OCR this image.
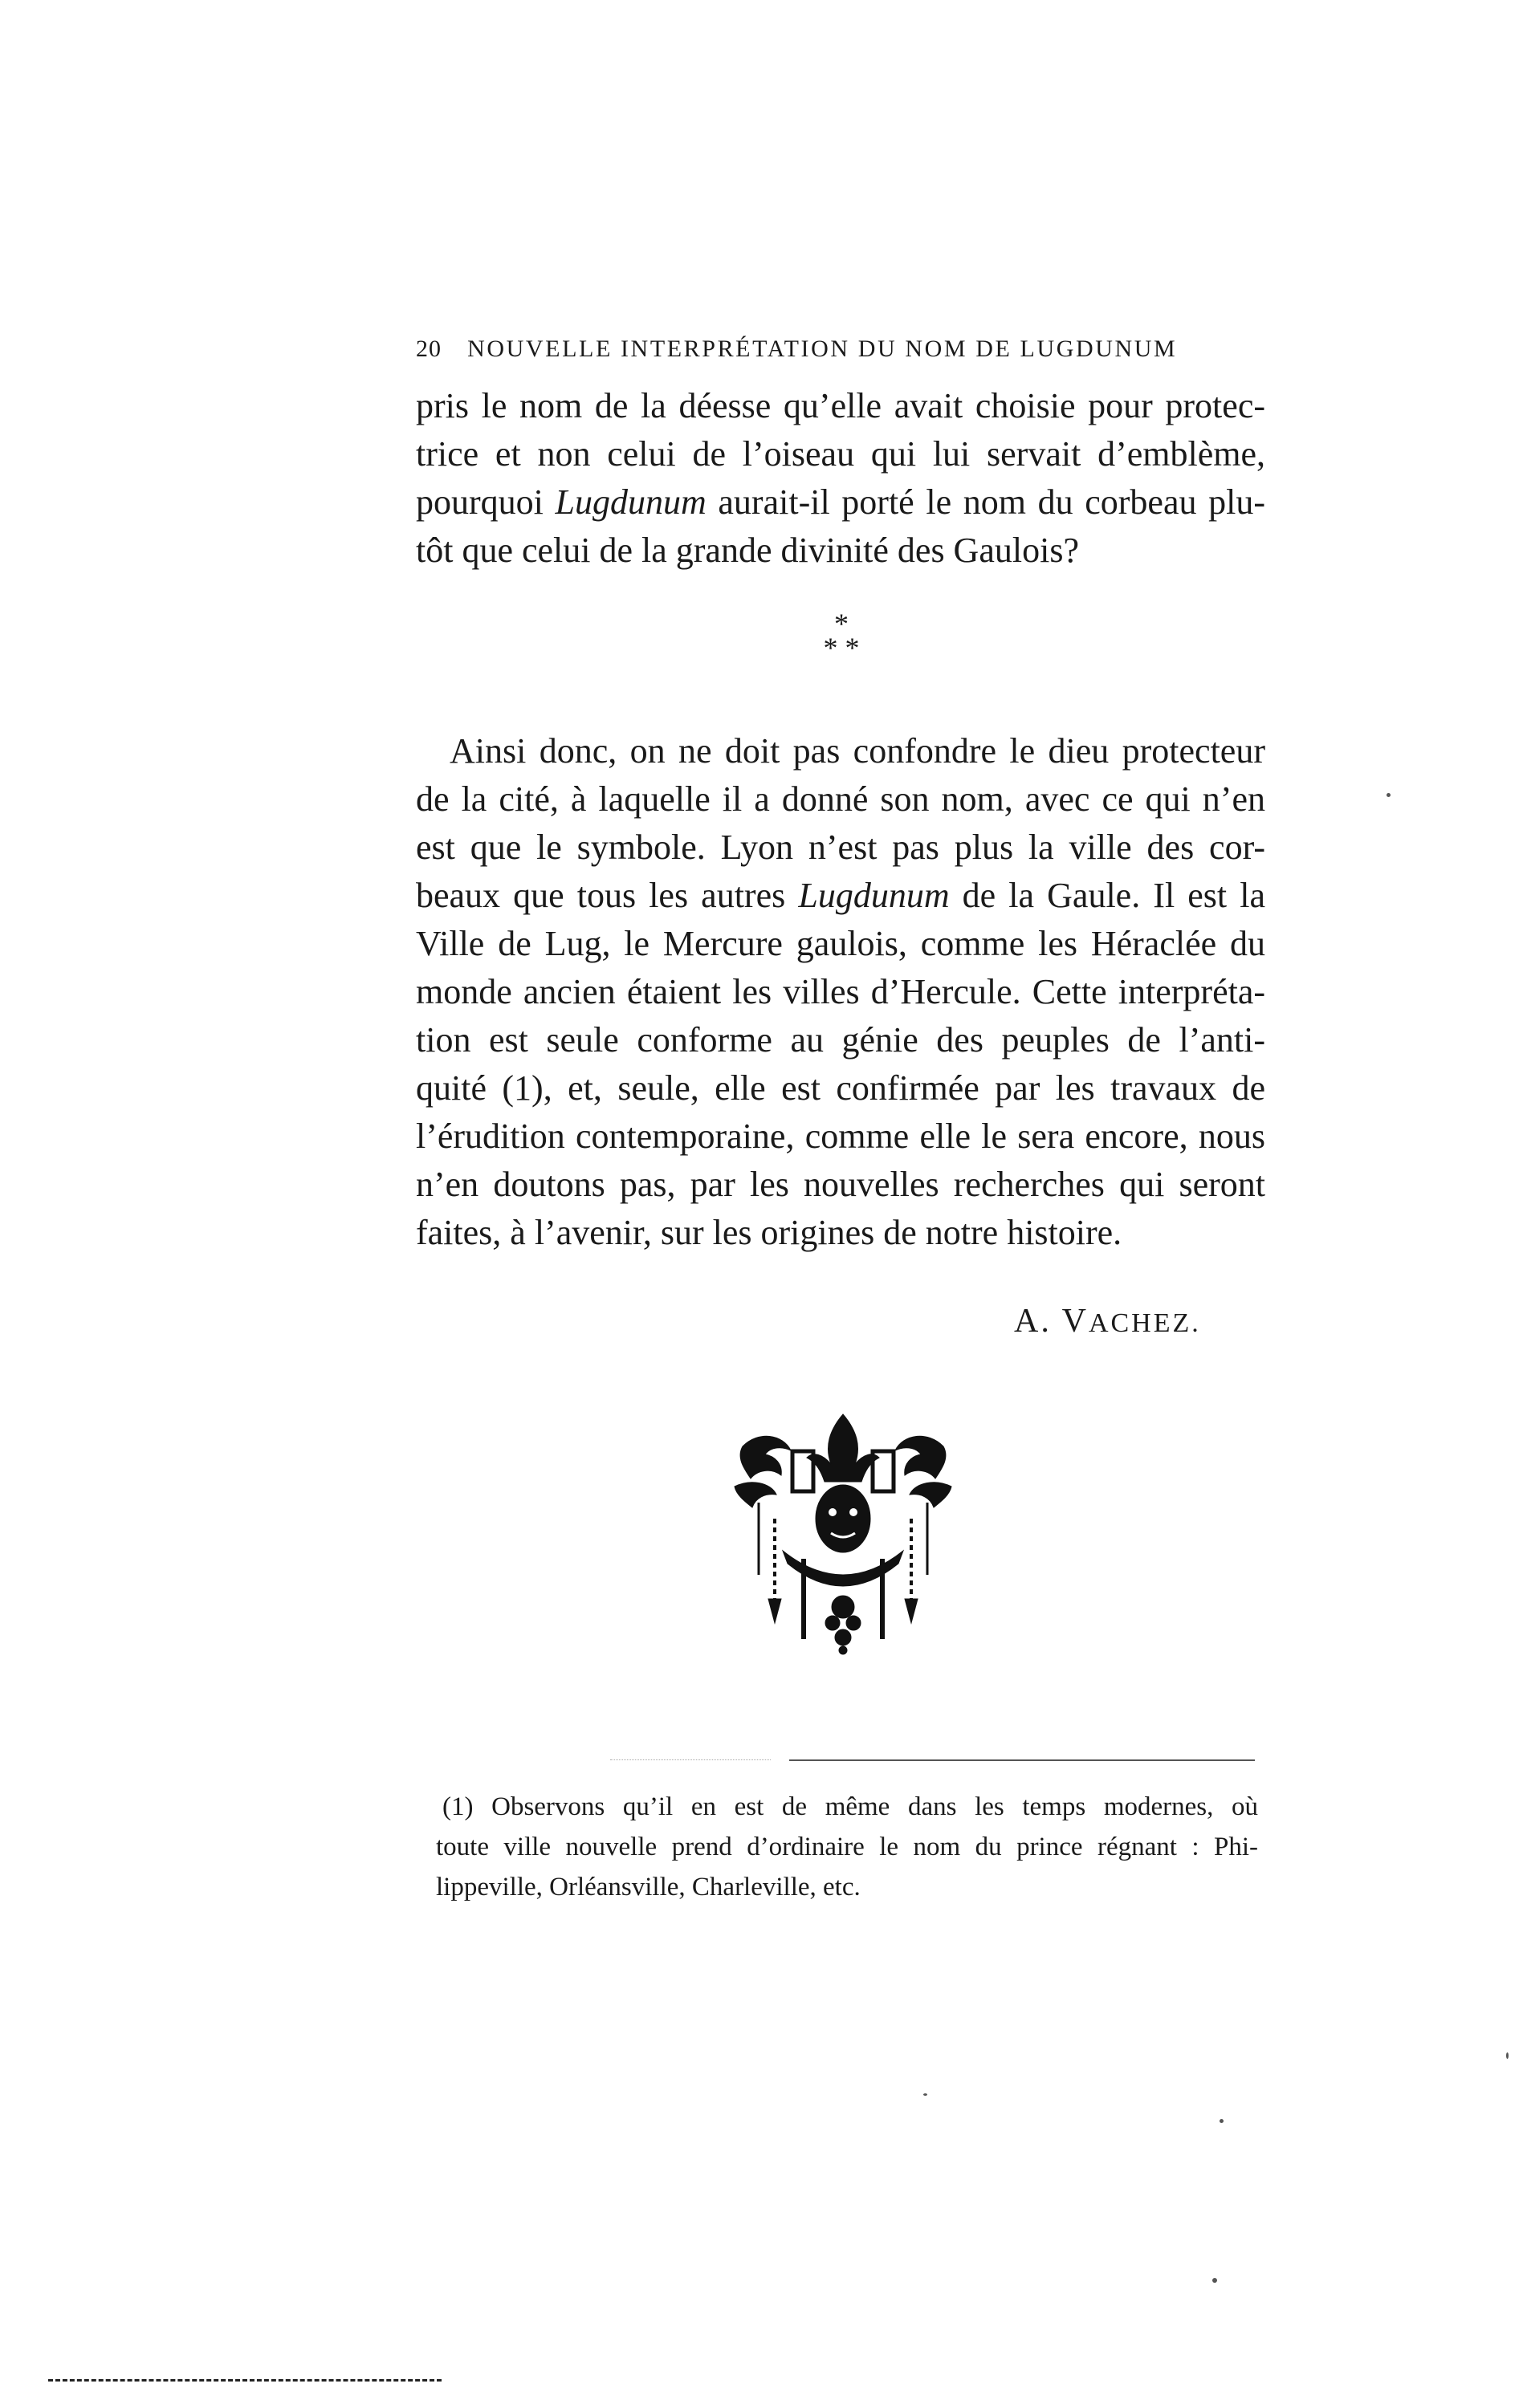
20 NOUVELLE INTERPRÉTATION DU NOM DE LUGDUNUM
pris le nom de la déesse qu’elle avait choisie pour protec-
trice et non celui de l’oiseau qui lui servait d’emblème,
pourquoi Lugdunum aurait-il porté le nom du corbeau plu-
tôt que celui de la grande divinité des Gaulois?
*
* *
Ainsi donc, on ne doit pas confondre le dieu protecteur
de la cité, à laquelle il a donné son nom, avec ce qui n’en
est que le symbole. Lyon n’est pas plus la ville des cor-
beaux que tous les autres Lugdunum de la Gaule. Il est la
Ville de Lug, le Mercure gaulois, comme les Héraclée du
monde ancien étaient les villes d’Hercule. Cette interpréta-
tion est seule conforme au génie des peuples de l’anti-
quité (1), et, seule, elle est confirmée par les travaux de
l’érudition contemporaine, comme elle le sera encore, nous
n’en doutons pas, par les nouvelles recherches qui seront
faites, à l’avenir, sur les origines de notre histoire.
A. VACHEZ.
(1) Observons qu’il en est de même dans les temps modernes, où
toute ville nouvelle prend d’ordinaire le nom du prince régnant : Phi-
lippeville, Orléansville, Charleville, etc.
